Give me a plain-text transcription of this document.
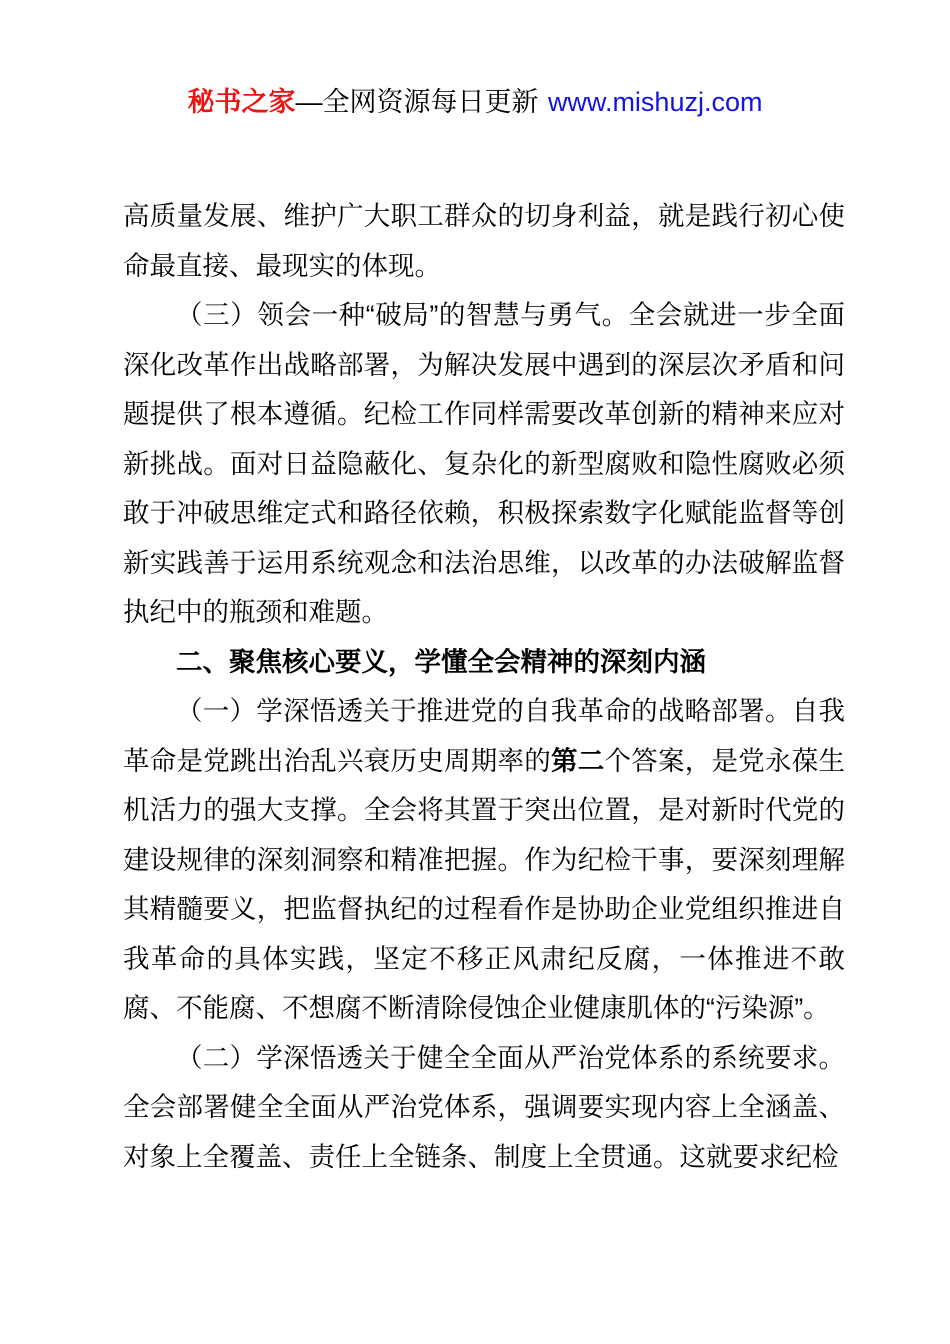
秘书之家—全网资源每日更新 www.mishuzj.com

高质量发展、维护广大职工群众的切身利益，就是践行初心使命最直接、最现实的体现。

（三）领会一种“破局”的智慧与勇气。全会就进一步全面深化改革作出战略部署，为解决发展中遇到的深层次矛盾和问题提供了根本遵循。纪检工作同样需要改革创新的精神来应对新挑战。面对日益隐蔽化、复杂化的新型腐败和隐性腐败必须敢于冲破思维定式和路径依赖，积极探索数字化赋能监督等创新实践善于运用系统观念和法治思维，以改革的办法破解监督执纪中的瓶颈和难题。

二、聚焦核心要义，学懂全会精神的深刻内涵

（一）学深悟透关于推进党的自我革命的战略部署。自我革命是党跳出治乱兴衰历史周期率的第二个答案，是党永葆生机活力的强大支撑。全会将其置于突出位置，是对新时代党的建设规律的深刻洞察和精准把握。作为纪检干事，要深刻理解其精髓要义，把监督执纪的过程看作是协助企业党组织推进自我革命的具体实践，坚定不移正风肃纪反腐，一体推进不敢腐、不能腐、不想腐不断清除侵蚀企业健康肌体的“污染源”。

（二）学深悟透关于健全全面从严治党体系的系统要求。全会部署健全全面从严治党体系，强调要实现内容上全涵盖、对象上全覆盖、责任上全链条、制度上全贯通。这就要求纪检
